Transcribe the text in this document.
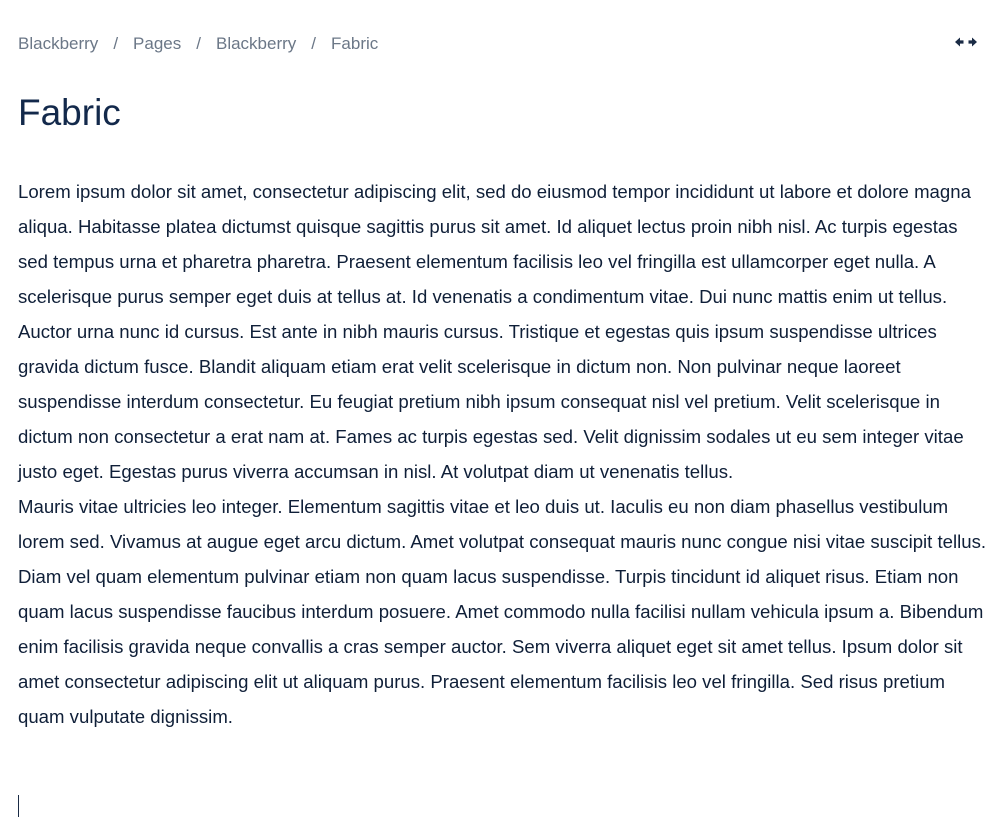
Blackberry / Pages / Blackberry / Fabric
Fabric

Lorem ipsum dolor sit amet, consectetur adipiscing elit, sed do eiusmod tempor incididunt ut labore et dolore magna aliqua. Habitasse platea dictumst quisque sagittis purus sit amet. Id aliquet lectus proin nibh nisl. Ac turpis egestas sed tempus urna et pharetra pharetra. Praesent elementum facilisis leo vel fringilla est ullamcorper eget nulla. A scelerisque purus semper eget duis at tellus at. Id venenatis a condimentum vitae. Dui nunc mattis enim ut tellus. Auctor urna nunc id cursus. Est ante in nibh mauris cursus. Tristique et egestas quis ipsum suspendisse ultrices gravida dictum fusce. Blandit aliquam etiam erat velit scelerisque in dictum non. Non pulvinar neque laoreet suspendisse interdum consectetur. Eu feugiat pretium nibh ipsum consequat nisl vel pretium. Velit scelerisque in dictum non consectetur a erat nam at. Fames ac turpis egestas sed. Velit dignissim sodales ut eu sem integer vitae justo eget. Egestas purus viverra accumsan in nisl. At volutpat diam ut venenatis tellus.

Mauris vitae ultricies leo integer. Elementum sagittis vitae et leo duis ut. Iaculis eu non diam phasellus vestibulum lorem sed. Vivamus at augue eget arcu dictum. Amet volutpat consequat mauris nunc congue nisi vitae suscipit tellus. Diam vel quam elementum pulvinar etiam non quam lacus suspendisse. Turpis tincidunt id aliquet risus. Etiam non quam lacus suspendisse faucibus interdum posuere. Amet commodo nulla facilisi nullam vehicula ipsum a. Bibendum enim facilisis gravida neque convallis a cras semper auctor. Sem viverra aliquet eget sit amet tellus. Ipsum dolor sit amet consectetur adipiscing elit ut aliquam purus. Praesent elementum facilisis leo vel fringilla. Sed risus pretium quam vulputate dignissim.
